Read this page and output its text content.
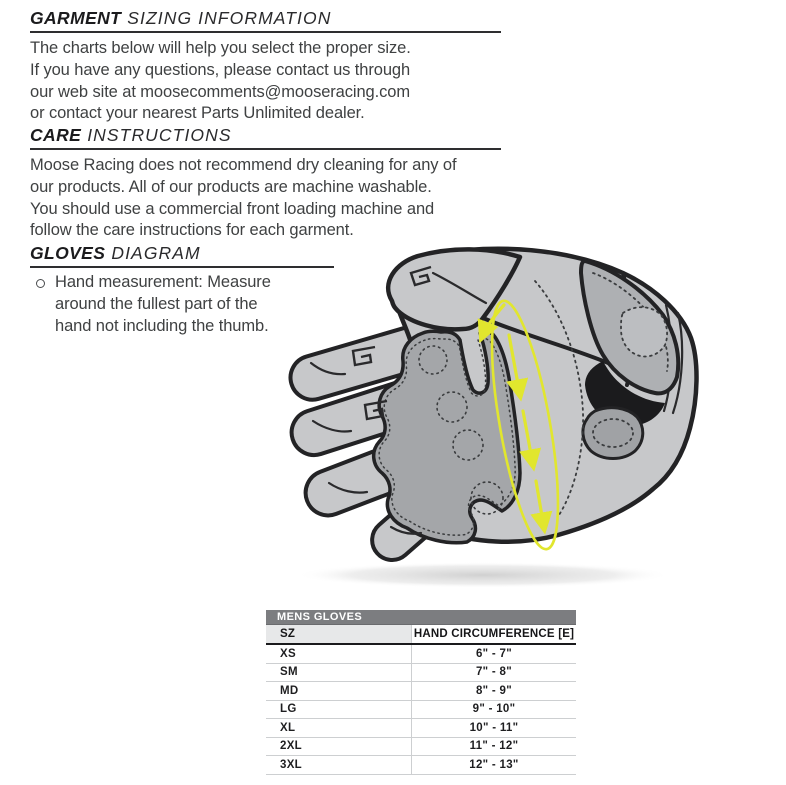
GARMENT SIZING INFORMATION
The charts below will help you select the proper size.
If you have any questions, please contact us through
our web site at moosecomments@mooseracing.com
or contact your nearest Parts Unlimited dealer.
CARE INSTRUCTIONS
Moose Racing does not recommend dry cleaning for any of
our products. All of our products are machine washable.
You should use a commercial front loading machine and
follow the care instructions for each garment.
GLOVES DIAGRAM
Hand measurement: Measure
around the fullest part of the
hand not including the thumb.
MENS GLOVES
SZ	HAND CIRCUMFERENCE [E]
XS	6" - 7"
SM	7" - 8"
MD	8" - 9"
LG	9" - 10"
XL	10" - 11"
2XL	11" - 12"
3XL	12" - 13"
